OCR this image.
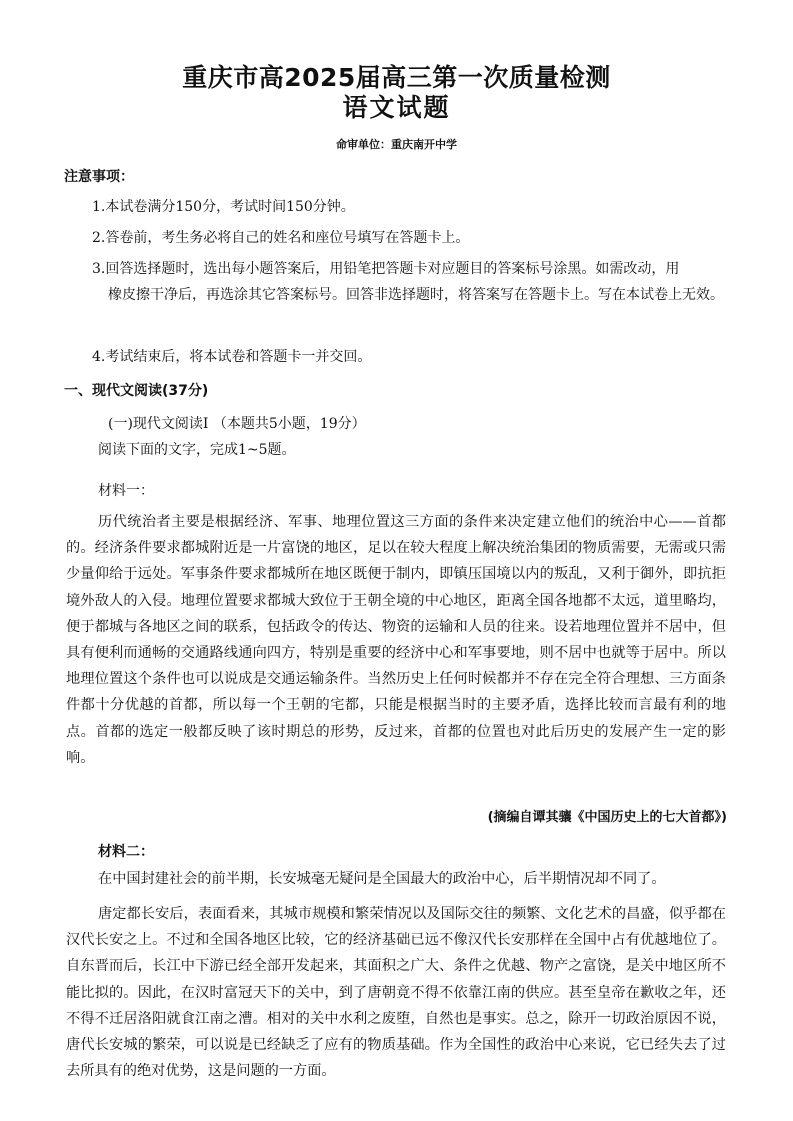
重庆市高2025届高三第一次质量检测
语文试题
命审单位：重庆南开中学
注意事项：
1.本试卷满分150分，考试时间150分钟。
2.答卷前，考生务必将自己的姓名和座位号填写在答题卡上。
3.回答选择题时，选出每小题答案后，用铅笔把答题卡对应题目的答案标号涂黑。如需改动，用
橡皮擦干净后，再选涂其它答案标号。回答非选择题时，将答案写在答题卡上。写在本试卷上无效。
4.考试结束后，将本试卷和答题卡一并交回。
一、现代文阅读(37分)
(一)现代文阅读I （本题共5小题，19分）
阅读下面的文字，完成1~5题。
材料一：

历代统治者主要是根据经济、军事、地理位置这三方面的条件来决定建立他们的统治中心——首都的。经济条件要求都城附近是一片富饶的地区，足以在较大程度上解决统治集团的物质需要，无需或只需少量仰给于远处。军事条件要求都城所在地区既便于制内，即镇压国境以内的叛乱，又利于御外，即抗拒境外敌人的入侵。地理位置要求都城大致位于王朝全境的中心地区，距离全国各地都不太远，道里略均，便于都城与各地区之间的联系，包括政令的传达、物资的运输和人员的往来。设若地理位置并不居中，但具有便利而通畅的交通路线通向四方，特别是重要的经济中心和军事要地，则不居中也就等于居中。所以地理位置这个条件也可以说成是交通运输条件。当然历史上任何时候都并不存在完全符合理想、三方面条件都十分优越的首都，所以每一个王朝的宅都，只能是根据当时的主要矛盾，选择比较而言最有利的地点。首都的选定一般都反映了该时期总的形势，反过来，首都的位置也对此后历史的发展产生一定的影响。

(摘编自谭其骧《中国历史上的七大首都》)
材料二：

在中国封建社会的前半期，长安城毫无疑问是全国最大的政治中心，后半期情况却不同了。

唐定都长安后，表面看来，其城市规模和繁荣情况以及国际交往的频繁、文化艺术的昌盛，似乎都在汉代长安之上。不过和全国各地区比较，它的经济基础已远不像汉代长安那样在全国中占有优越地位了。自东晋而后，长江中下游已经全部开发起来，其面积之广大、条件之优越、物产之富饶，是关中地区所不能比拟的。因此，在汉时富冠天下的关中，到了唐朝竟不得不依靠江南的供应。甚至皇帝在歉收之年，还不得不迁居洛阳就食江南之漕。相对的关中水利之废堕，自然也是事实。总之，除开一切政治原因不说，唐代长安城的繁荣，可以说是已经缺乏了应有的物质基础。作为全国性的政治中心来说，它已经失去了过去所具有的绝对优势，这是问题的一方面。
